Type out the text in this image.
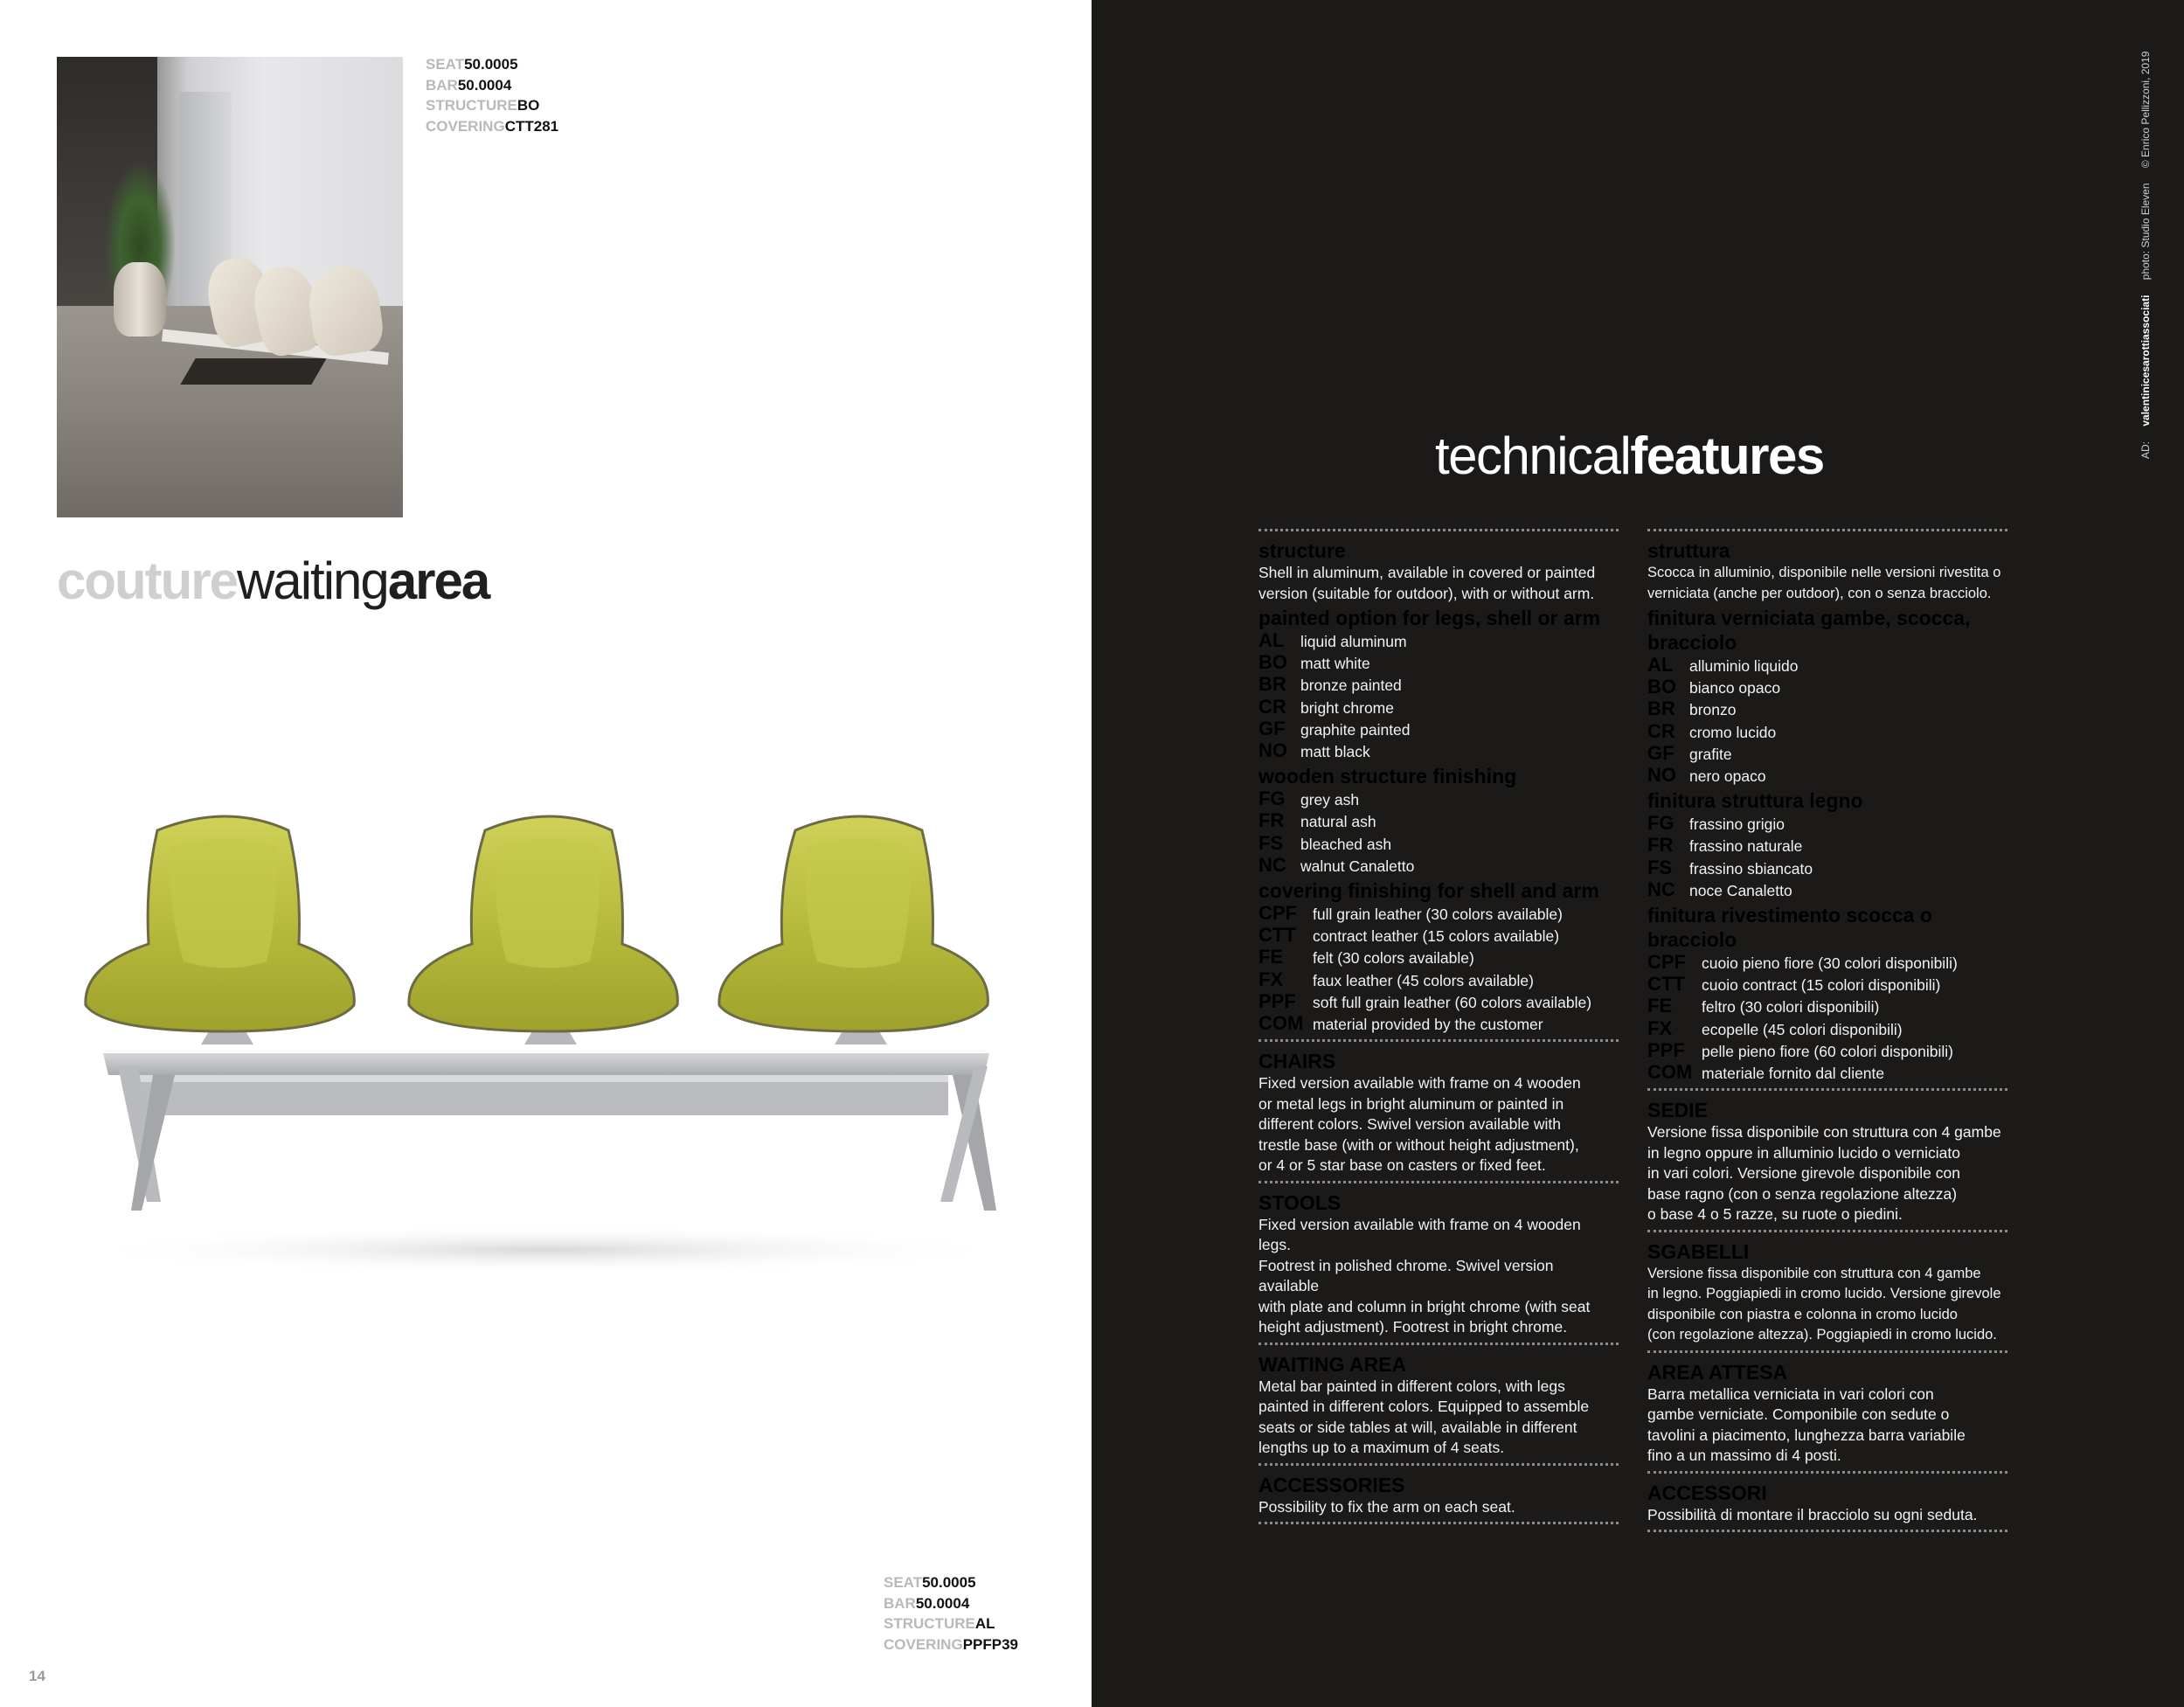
SEAT50.0005
BAR50.0004
STRUCTUREBO
COVERINGCTT281
couturewaitingarea
SEAT50.0005
BAR50.0004
STRUCTUREAL
COVERINGPPFP39
14
AD: valentinicesarottiassociati photo: Studio Eleven © Enrico Pellizzoni, 2019
technicalfeatures
structure
Shell in aluminum, available in covered or painted version (suitable for outdoor), with or without arm.
painted option for legs, shell or arm
AL	liquid aluminum
BO matt white
BR bronze painted
CR bright chrome
GF graphite painted
NO matt black
wooden structure finishing
FG grey ash
FR	natural ash
FS	bleached ash
NC walnut Canaletto
covering finishing for shell and arm
CPF	full grain leather (30 colors available)
CTT	contract leather (15 colors available)
FE	felt (30 colors available)
FX	faux leather (45 colors available)
PPF	soft full grain leather (60 colors available)
COM material provided by the customer
CHAIRS
Fixed version available with frame on 4 wooden
or metal legs in bright aluminum or painted in
different colors. Swivel version available with
trestle base (with or without height adjustment),
or 4 or 5 star base on casters or fixed feet.
STOOLS
Fixed version available with frame on 4 wooden legs.
Footrest in polished chrome. Swivel version available
with plate and column in bright chrome (with seat
height adjustment). Footrest in bright chrome.
WAITING AREA
Metal bar painted in different colors, with legs
painted in different colors. Equipped to assemble
seats or side tables at will, available in different
lengths up to a maximum of 4 seats.
ACCESSORIES
Possibility to fix the arm on each seat.
struttura
Scocca in alluminio, disponibile nelle versioni rivestita o verniciata (anche per outdoor), con o senza bracciolo.
finitura verniciata gambe, scocca, bracciolo
AL	alluminio liquido
BO bianco opaco
BR bronzo
CR cromo lucido
GF grafite
NO nero opaco
finitura struttura legno
FG frassino grigio
FR	frassino naturale
FS	frassino sbiancato
NC noce Canaletto
finitura rivestimento scocca o bracciolo
CPF	cuoio pieno fiore (30 colori disponibili)
CTT	cuoio contract (15 colori disponibili)
FE	feltro (30 colori disponibili)
FX	ecopelle (45 colori disponibili)
PPF	pelle pieno fiore (60 colori disponibili)
COM materiale fornito dal cliente
SEDIE
Versione fissa disponibile con struttura con 4 gambe
in legno oppure in alluminio lucido o verniciato
in vari colori. Versione girevole disponibile con
base ragno (con o senza regolazione altezza)
o base 4 o 5 razze, su ruote o piedini.
SGABELLI
Versione fissa disponibile con struttura con 4 gambe
in legno. Poggiapiedi in cromo lucido. Versione girevole
disponibile con piastra e colonna in cromo lucido
(con regolazione altezza). Poggiapiedi in cromo lucido.
AREA ATTESA
Barra metallica verniciata in vari colori con
gambe verniciate. Componibile con sedute o
tavolini a piacimento, lunghezza barra variabile
fino a un massimo di 4 posti.
ACCESSORI
Possibilità di montare il bracciolo su ogni seduta.
